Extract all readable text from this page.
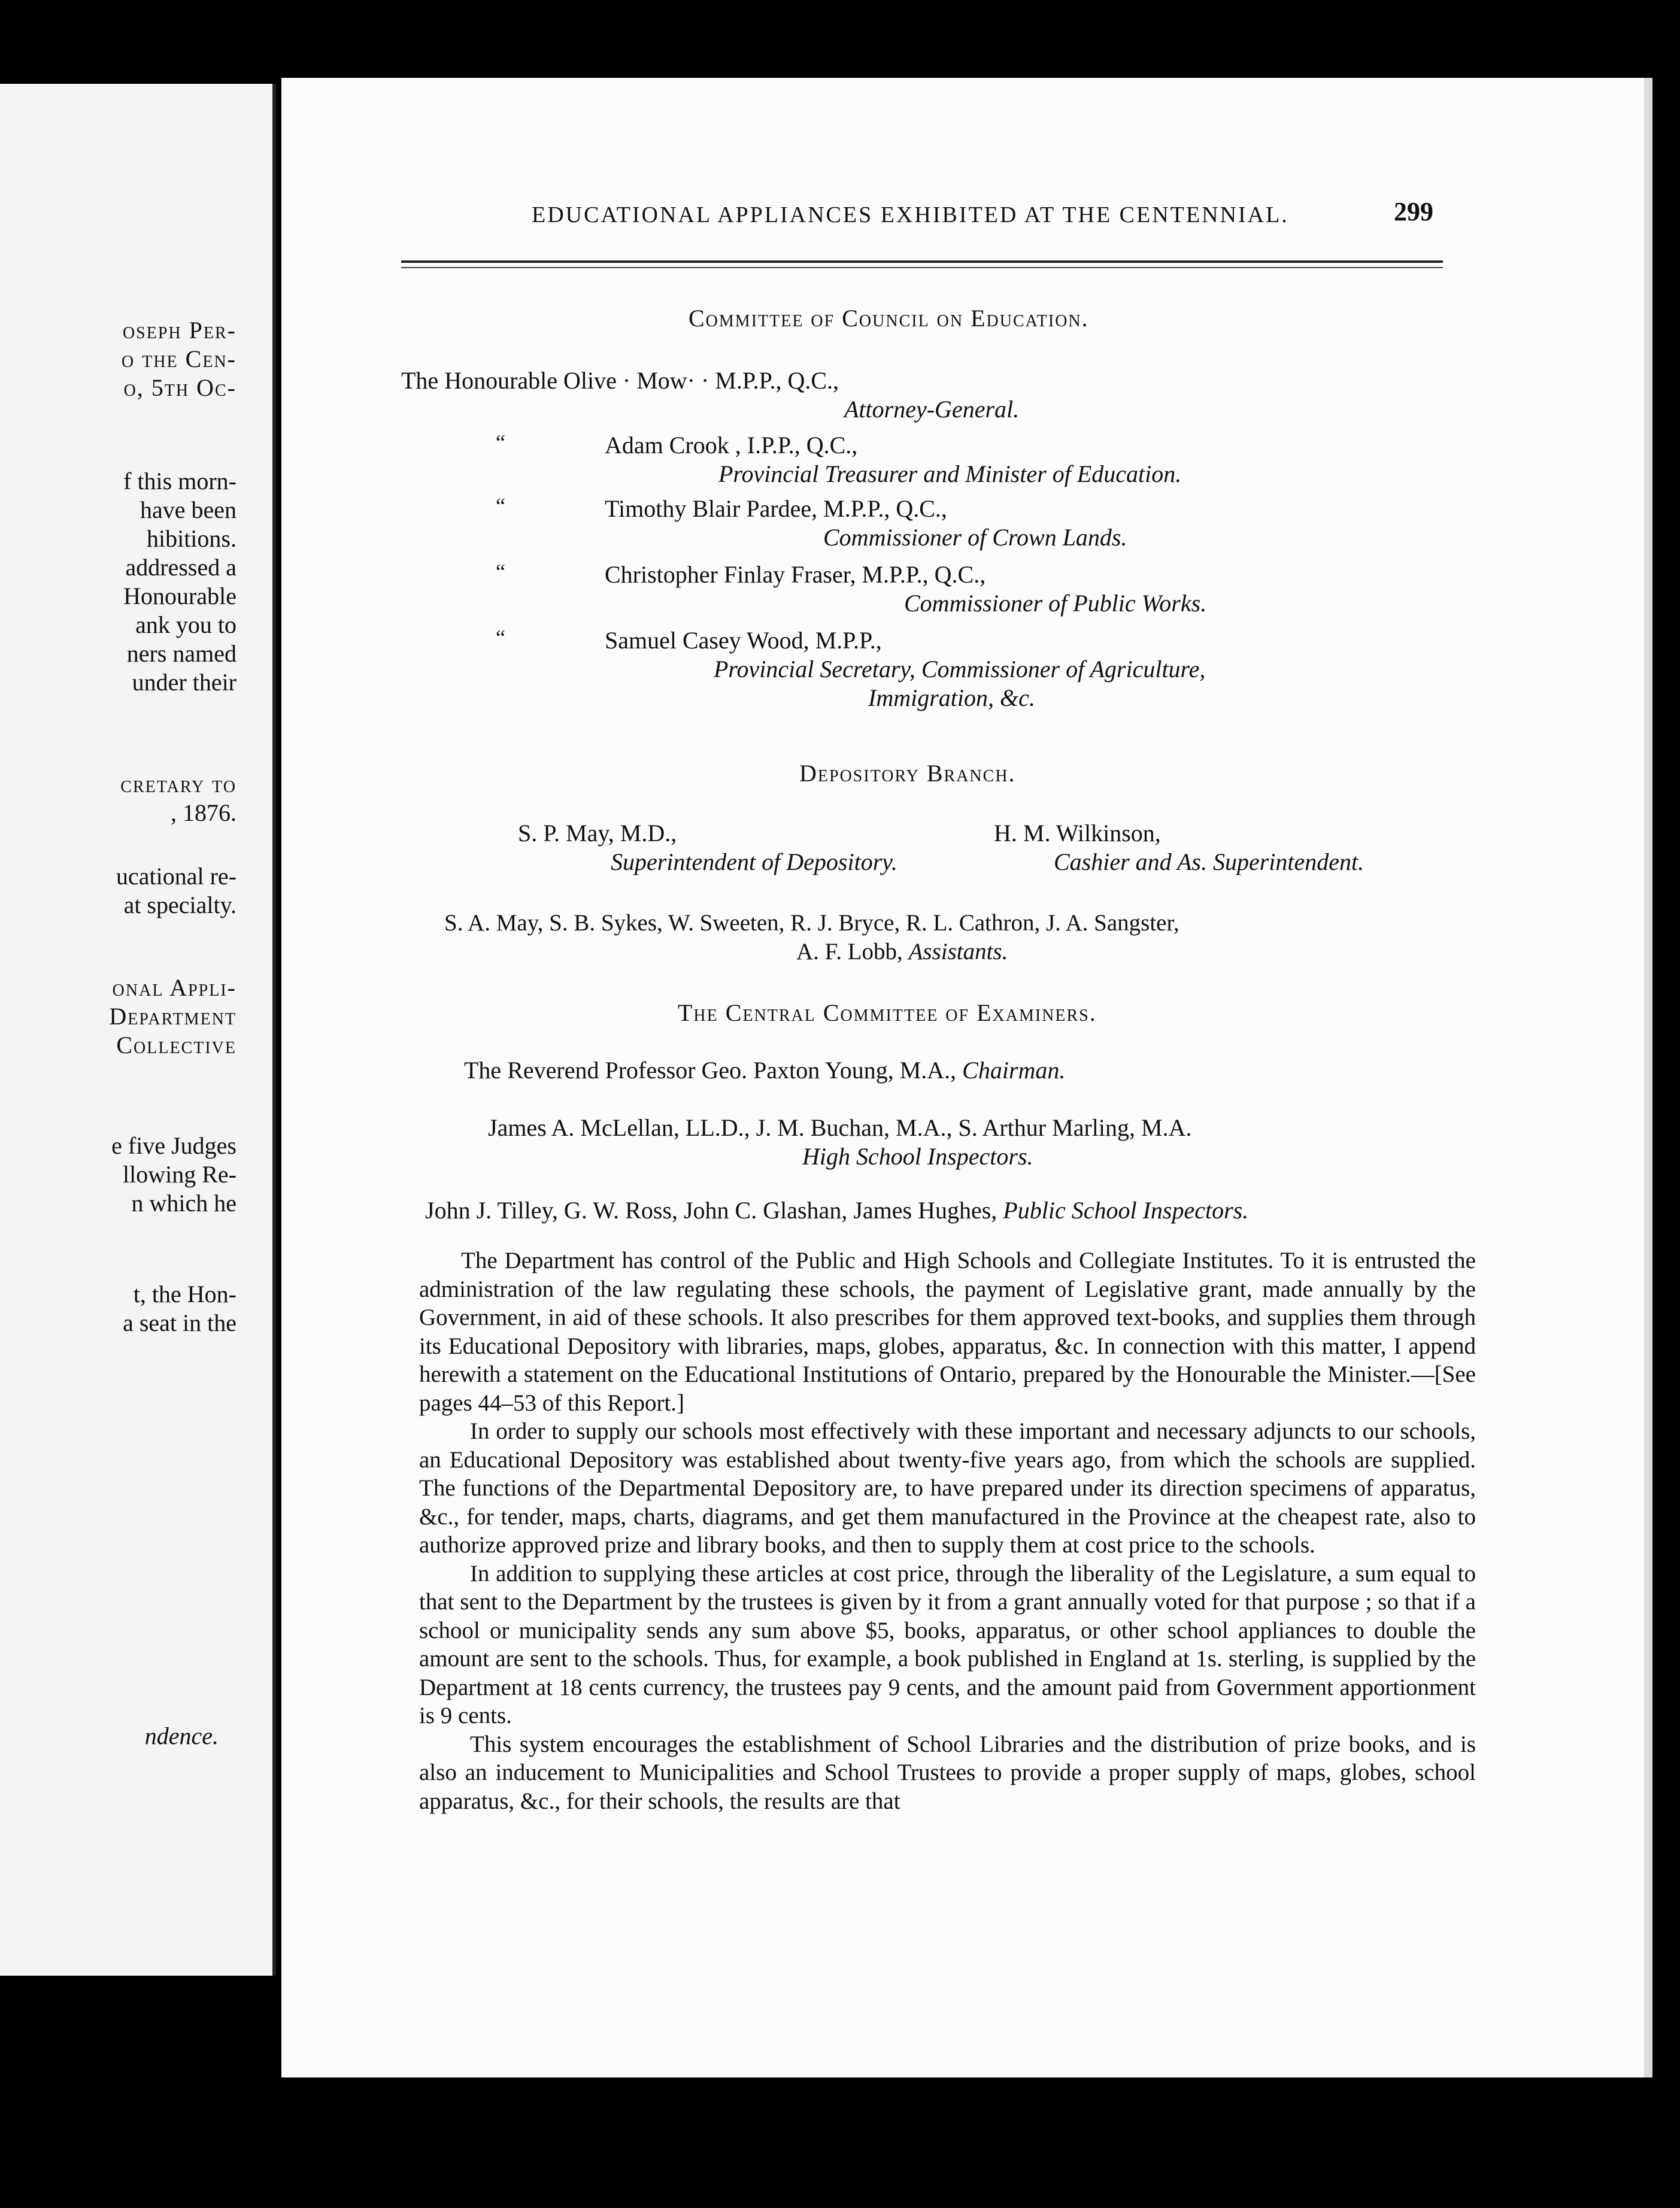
oseph Per-
o the Cen-
o, 5th Oc-
f this morn-
have been
hibitions.
addressed a
Honourable
ank you to
ners named
under their
cretary to
, 1876.
ucational re-
at specialty.
onal Appli-
Department
Collective
e five Judges
llowing Re-
n which he
t, the Hon-
a seat in the
ndence.
EDUCATIONAL APPLIANCES EXHIBITED AT THE CENTENNIAL.	299
Committee of Council on Education.
The Honourable Olive · Mow· · M.P.P., Q.C.,
Attorney-General.
“	Adam Crook , I.P.P., Q.C.,
Provincial Treasurer and Minister of Education.
“	Timothy Blair Pardee, M.P.P., Q.C.,
Commissioner of Crown Lands.
“	Christopher Finlay Fraser, M.P.P., Q.C.,
Commissioner of Public Works.
“	Samuel Casey Wood, M.P.P.,
Provincial Secretary, Commissioner of Agriculture,
Immigration, &c.
Depository Branch.
S. P. May, M.D.,
Superintendent of Depository.
H. M. Wilkinson,
Cashier and As. Superintendent.
S. A. May, S. B. Sykes, W. Sweeten, R. J. Bryce, R. L. Cathron, J. A. Sangster,
A. F. Lobb, Assistants.
The Central Committee of Examiners.
The Reverend Professor Geo. Paxton Young, M.A., Chairman.
James A. McLellan, LL.D., J. M. Buchan, M.A., S. Arthur Marling, M.A.
High School Inspectors.
John J. Tilley, G. W. Ross, John C. Glashan, James Hughes, Public School Inspectors.

The Department has control of the Public and High Schools and Collegiate Institutes. To it is entrusted the administration of the law regulating these schools, the payment of Legislative grant, made annually by the Government, in aid of these schools. It also prescribes for them approved text-books, and supplies them through its Educational Depository with libraries, maps, globes, apparatus, &c. In connection with this matter, I append herewith a statement on the Educational Institutions of Ontario, prepared by the Honourable the Minister.—[See pages 44–53 of this Report.]

In order to supply our schools most effectively with these important and necessary adjuncts to our schools, an Educational Depository was established about twenty-five years ago, from which the schools are supplied. The functions of the Departmental Depository are, to have prepared under its direction specimens of apparatus, &c., for tender, maps, charts, diagrams, and get them manufactured in the Province at the cheapest rate, also to authorize approved prize and library books, and then to supply them at cost price to the schools.

In addition to supplying these articles at cost price, through the liberality of the Legislature, a sum equal to that sent to the Department by the trustees is given by it from a grant annually voted for that purpose ; so that if a school or municipality sends any sum above $5, books, apparatus, or other school appliances to double the amount are sent to the schools. Thus, for example, a book published in England at 1s. sterling, is supplied by the Department at 18 cents currency, the trustees pay 9 cents, and the amount paid from Government apportionment is 9 cents.

This system encourages the establishment of School Libraries and the distribution of prize books, and is also an inducement to Municipalities and School Trustees to provide a proper supply of maps, globes, school apparatus, &c., for their schools, the results are that
